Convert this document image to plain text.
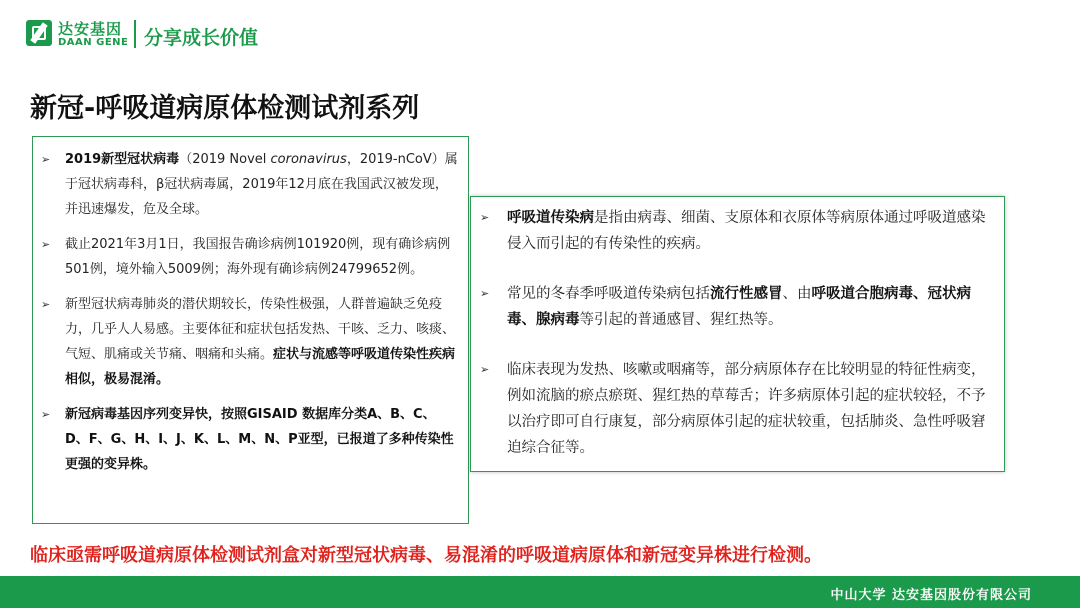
达安基因
DAAN GENE 分享成长价值
新冠-呼吸道病原体检测试剂系列
➢ 2019新型冠状病毒（2019 Novel coronavirus，2019-nCoV）属于冠状病毒科，β冠状病毒属，2019年12月底在我国武汉被发现，并迅速爆发，危及全球。
➢ 截止2021年3月1日，我国报告确诊病例101920例，现有确诊病例501例，境外输入5009例；海外现有确诊病例24799652例。
➢ 新型冠状病毒肺炎的潜伏期较长，传染性极强，人群普遍缺乏免疫力，几乎人人易感。主要体征和症状包括发热、干咳、乏力、咳痰、气短、肌痛或关节痛、咽痛和头痛。症状与流感等呼吸道传染性疾病相似，极易混淆。
➢ 新冠病毒基因序列变异快，按照GISAID 数据库分类A、B、C、D、F、G、H、I、J、K、L、M、N、P亚型，已报道了多种传染性更强的变异株。
➢ 呼吸道传染病是指由病毒、细菌、支原体和衣原体等病原体通过呼吸道感染侵入而引起的有传染性的疾病。
➢ 常见的冬春季呼吸道传染病包括流行性感冒、由呼吸道合胞病毒、冠状病毒、腺病毒等引起的普通感冒、猩红热等。
➢ 临床表现为发热、咳嗽或咽痛等，部分病原体存在比较明显的特征性病变，例如流脑的瘀点瘀斑、猩红热的草莓舌；许多病原体引起的症状较轻，不予以治疗即可自行康复，部分病原体引起的症状较重，包括肺炎、急性呼吸窘迫综合征等。
临床亟需呼吸道病原体检测试剂盒对新型冠状病毒、易混淆的呼吸道病原体和新冠变异株进行检测。
中山大学 达安基因股份有限公司
